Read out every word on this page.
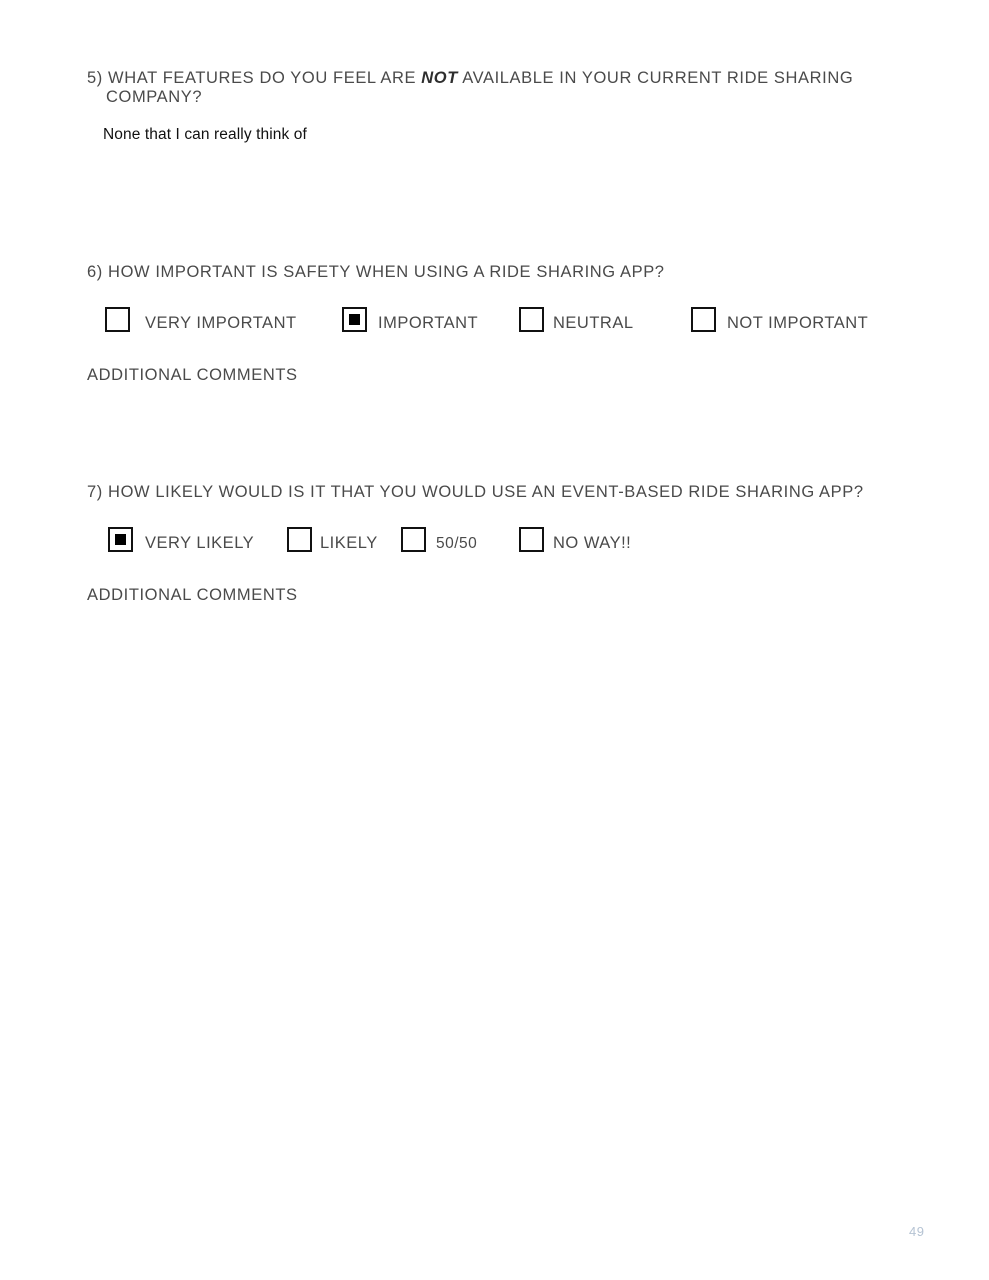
5) WHAT FEATURES DO YOU FEEL ARE NOT AVAILABLE IN YOUR CURRENT RIDE SHARING
COMPANY?

None that I can really think of

6) HOW IMPORTANT IS SAFETY WHEN USING A RIDE SHARING APP?

VERY IMPORTANT	IMPORTANT	NEUTRAL	NOT IMPORTANT
ADDITIONAL COMMENTS

7) HOW LIKELY WOULD IS IT THAT YOU WOULD USE AN EVENT-BASED RIDE SHARING APP?

VERY LIKELY	LIKELY	50/50	NO WAY!!
ADDITIONAL COMMENTS
49
